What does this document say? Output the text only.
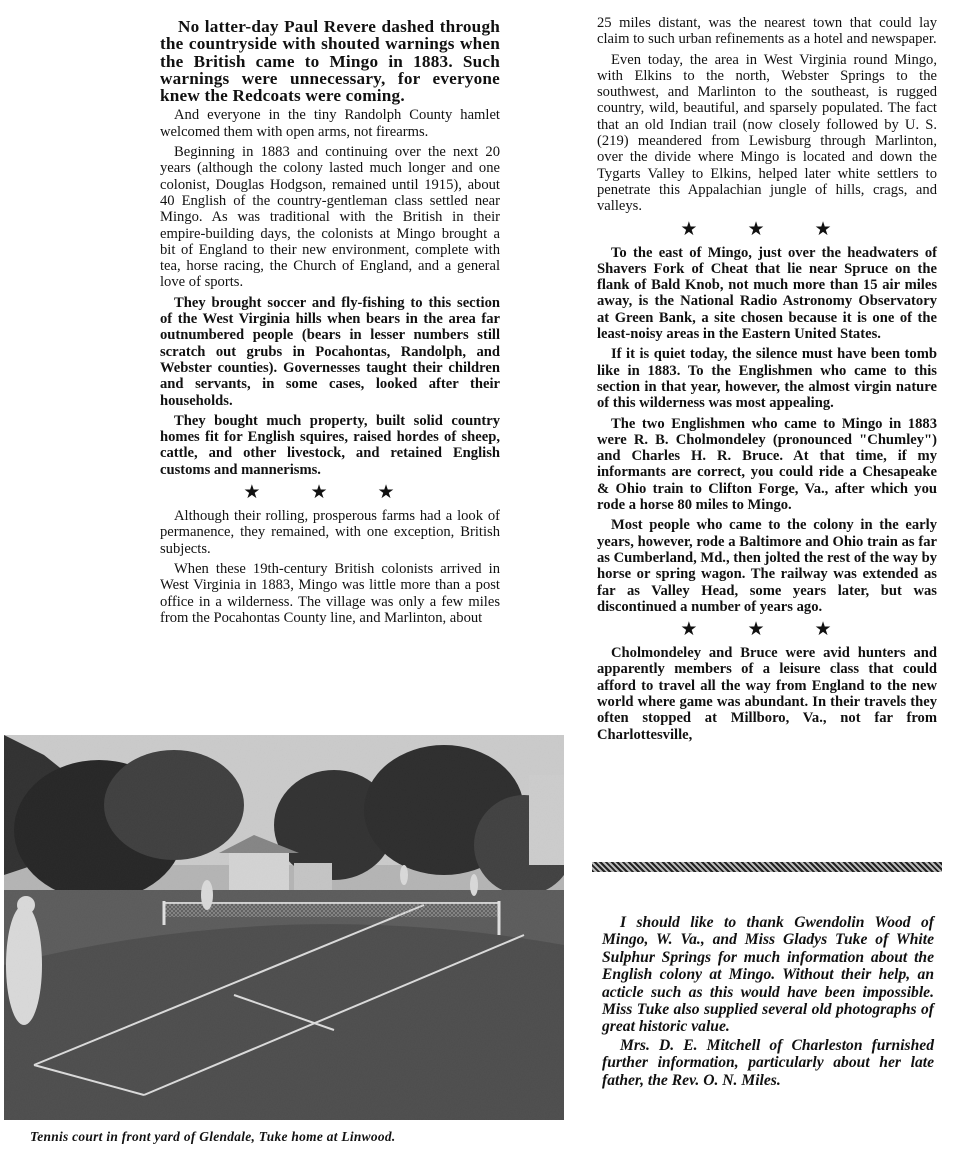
No latter-day Paul Revere dashed through the countryside with shouted warnings when the British came to Mingo in 1883. Such warnings were unnecessary, for everyone knew the Redcoats were coming.

And everyone in the tiny Randolph County hamlet welcomed them with open arms, not firearms.

Beginning in 1883 and continuing over the next 20 years (although the colony lasted much longer and one colonist, Douglas Hodgson, remained until 1915), about 40 English of the country-gentleman class settled near Mingo. As was traditional with the British in their empire-building days, the colonists at Mingo brought a bit of England to their new environment, complete with tea, horse racing, the Church of England, and a general love of sports.

They brought soccer and fly-fishing to this section of the West Virginia hills when bears in the area far outnumbered people (bears in lesser numbers still scratch out grubs in Pocahontas, Randolph, and Webster counties). Governesses taught their children and servants, in some cases, looked after their households.

They bought much property, built solid country homes fit for English squires, raised hordes of sheep, cattle, and other livestock, and retained English customs and mannerisms.

★ ★ ★

Although their rolling, prosperous farms had a look of permanence, they remained, with one exception, British subjects.

When these 19th-century British colonists arrived in West Virginia in 1883, Mingo was little more than a post office in a wilderness. The village was only a few miles from the Pocahontas County line, and Marlinton, about

25 miles distant, was the nearest town that could lay claim to such urban refinements as a hotel and newspaper.

Even today, the area in West Virginia round Mingo, with Elkins to the north, Webster Springs to the southwest, and Marlinton to the southeast, is rugged country, wild, beautiful, and sparsely populated. The fact that an old Indian trail (now closely followed by U. S. (219) meandered from Lewisburg through Marlinton, over the divide where Mingo is located and down the Tygarts Valley to Elkins, helped later white settlers to penetrate this Appalachian jungle of hills, crags, and valleys.

★ ★ ★

To the east of Mingo, just over the headwaters of Shavers Fork of Cheat that lie near Spruce on the flank of Bald Knob, not much more than 15 air miles away, is the National Radio Astronomy Observatory at Green Bank, a site chosen because it is one of the least-noisy areas in the Eastern United States.

If it is quiet today, the silence must have been tomb like in 1883. To the Englishmen who came to this section in that year, however, the almost virgin nature of this wilderness was most appealing.

The two Englishmen who came to Mingo in 1883 were R. B. Cholmondeley (pronounced "Chumley") and Charles H. R. Bruce. At that time, if my informants are correct, you could ride a Chesapeake & Ohio train to Clifton Forge, Va., after which you rode a horse 80 miles to Mingo.

Most people who came to the colony in the early years, however, rode a Baltimore and Ohio train as far as Cumberland, Md., then jolted the rest of the way by horse or spring wagon. The railway was extended as far as Valley Head, some years later, but was discontinued a number of years ago.

★ ★ ★

Cholmondeley and Bruce were avid hunters and apparently members of a leisure class that could afford to travel all the way from England to the new world where game was abundant. In their travels they often stopped at Millboro, Va., not far from Charlottesville,

Tennis court in front yard of Glendale, Tuke home at Linwood.

I should like to thank Gwendolin Wood of Mingo, W. Va., and Miss Gladys Tuke of White Sulphur Springs for much information about the English colony at Mingo. Without their help, an acticle such as this would have been impossible. Miss Tuke also supplied several old photographs of great historic value.

Mrs. D. E. Mitchell of Charleston furnished further information, particularly about her late father, the Rev. O. N. Miles.
